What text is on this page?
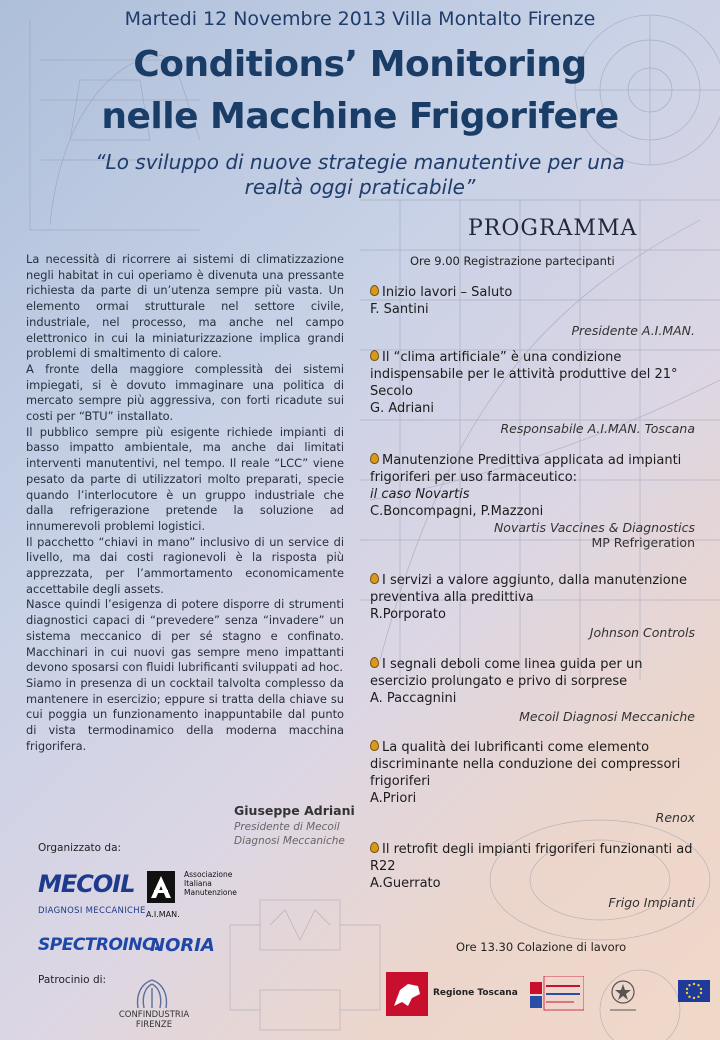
Martedi 12 Novembre 2013 Villa Montalto Firenze
Conditions’ Monitoring
nelle Macchine Frigorifere
“Lo sviluppo di nuove strategie manutentive per una
realtà oggi praticabile”
PROGRAMMA

La necessità di ricorrere ai sistemi di climatizzazione negli habitat in cui operiamo è divenuta una pressante richiesta da parte di un’utenza sempre più vasta. Un elemento ormai strutturale nel settore civile, industriale, nel processo, ma anche nel campo elettronico in cui la miniaturizzazione implica grandi problemi di smaltimento di calore.

A fronte della maggiore complessità dei sistemi impiegati, si è dovuto immaginare una politica di mercato sempre più aggressiva, con forti ricadute sui costi per “BTU” installato.

Il pubblico sempre più esigente richiede impianti di basso impatto ambientale, ma anche dai limitati interventi manutentivi, nel tempo. Il reale “LCC” viene pesato da parte di utilizzatori molto preparati, specie quando l’interlocutore è un gruppo industriale che dalla refrigerazione pretende la soluzione ad innumerevoli problemi logistici.

Il pacchetto “chiavi in mano” inclusivo di un service di livello, ma dai costi ragionevoli è la risposta più apprezzata, per l’ammortamento economicamente accettabile degli assets.

Nasce quindi l’esigenza di potere disporre di strumenti diagnostici capaci di “prevedere” senza “invadere” un sistema meccanico di per sé stagno e confinato. Macchinari in cui nuovi gas sempre meno impattanti devono sposarsi con fluidi lubrificanti sviluppati ad hoc.

Siamo in presenza di un cocktail talvolta complesso da mantenere in esercizio; eppure si tratta della chiave su cui poggia un funzionamento inappuntabile dal punto di vista termodinamico della moderna macchina frigorifera.

Giuseppe Adriani
Presidente di Mecoil
Diagnosi Meccaniche
Ore 9.00 Registrazione partecipanti
Inizio lavori – Saluto
F. Santini
Presidente A.I.MAN.
Il “clima artificiale” è una condizione
indispensabile per le attività produttive del 21°
Secolo
G. Adriani
Responsabile A.I.MAN. Toscana
Manutenzione Predittiva applicata ad impianti
frigoriferi per uso farmaceutico:
il caso Novartis
C.Boncompagni, P.Mazzoni
Novartis Vaccines & Diagnostics
MP Refrigeration
I servizi a valore aggiunto, dalla manutenzione
preventiva alla predittiva
R.Porporato
Johnson Controls
I segnali deboli come linea guida per un
esercizio prolungato e privo di sorprese
A. Paccagnini
Mecoil Diagnosi Meccaniche
La qualità dei lubrificanti come elemento
discriminante nella conduzione dei compressori
frigoriferi
A.Priori
Renox
Il retrofit degli impianti frigoriferi funzionanti ad
R22
A.Guerrato
Frigo Impianti
Ore 13.30 Colazione di lavoro
Organizzato da:
MECOIL
DIAGNOSI MECCANICHE
Associazione
Italiana
Manutenzione
A.I.MAN.
SPECTROINC.
NORIA
Patrocinio di:
CONFINDUSTRIA
FIRENZE
Regione Toscana
